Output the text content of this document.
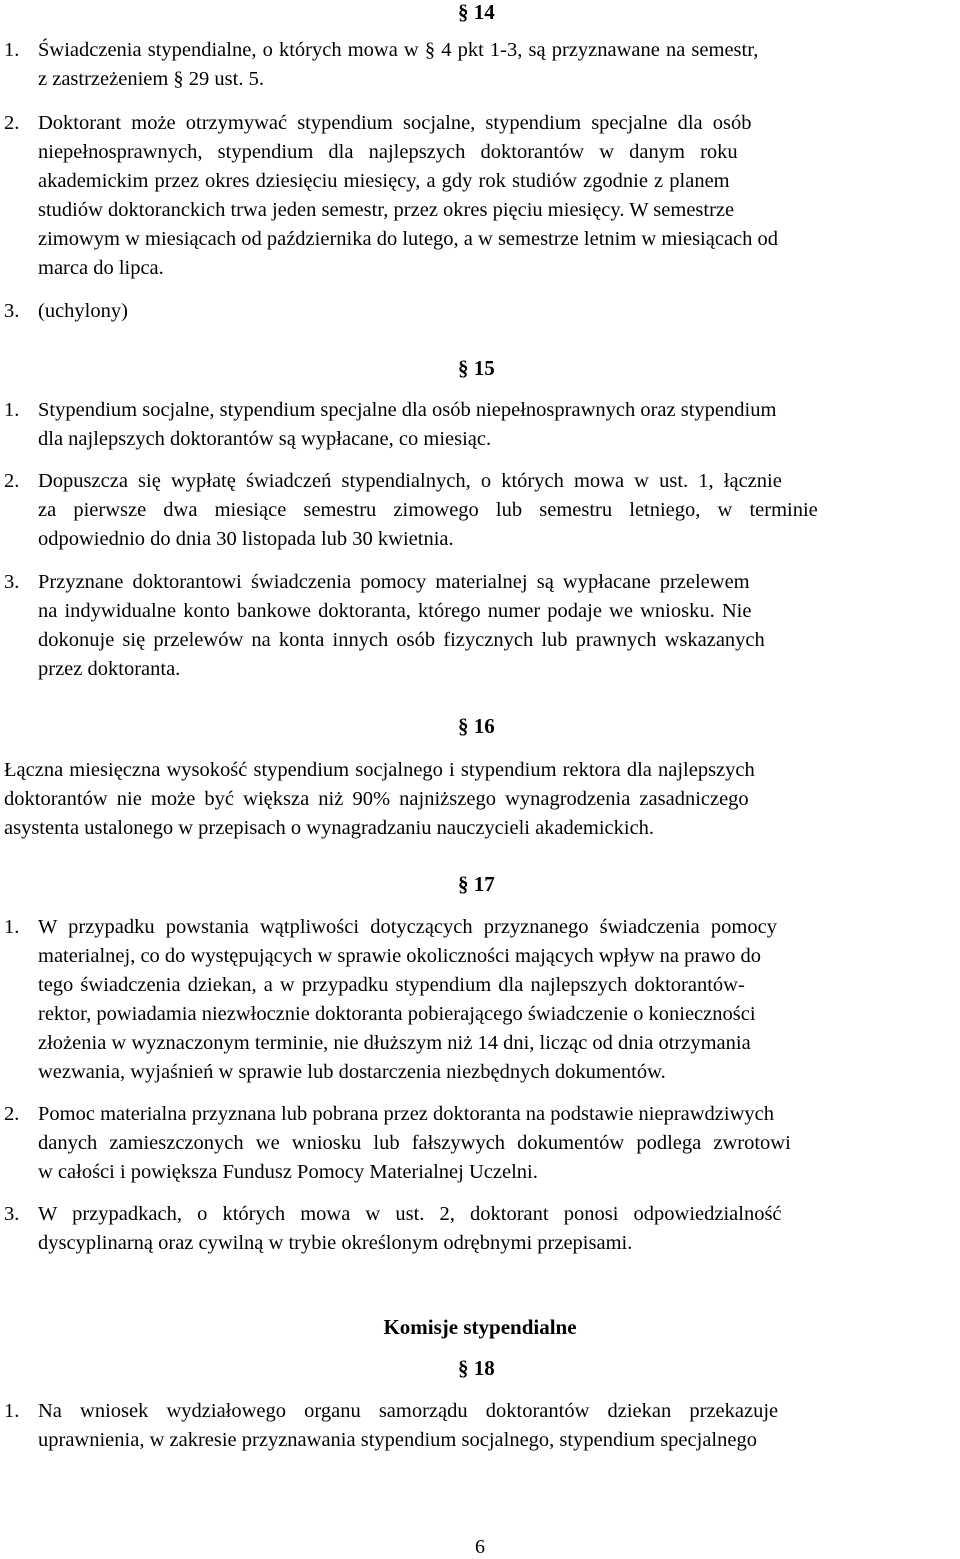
§ 14
1. Świadczenia stypendialne, o których mowa w § 4 pkt 1-3, są przyznawane na semestr,
z zastrzeżeniem § 29 ust. 5.
2. Doktorant może otrzymywać stypendium socjalne, stypendium specjalne dla osób
niepełnosprawnych, stypendium dla najlepszych doktorantów w danym roku
akademickim przez okres dziesięciu miesięcy, a gdy rok studiów zgodnie z planem
studiów doktoranckich trwa jeden semestr, przez okres pięciu miesięcy. W semestrze
zimowym w miesiącach od października do lutego, a w semestrze letnim w miesiącach od
marca do lipca.
3. (uchylony)
§ 15
1. Stypendium socjalne, stypendium specjalne dla osób niepełnosprawnych oraz stypendium
dla najlepszych doktorantów są wypłacane, co miesiąc.
2. Dopuszcza się wypłatę świadczeń stypendialnych, o których mowa w ust. 1, łącznie
za pierwsze dwa miesiące semestru zimowego lub semestru letniego, w terminie
odpowiednio do dnia 30 listopada lub 30 kwietnia.
3. Przyznane doktorantowi świadczenia pomocy materialnej są wypłacane przelewem
na indywidualne konto bankowe doktoranta, którego numer podaje we wniosku. Nie
dokonuje się przelewów na konta innych osób fizycznych lub prawnych wskazanych
przez doktoranta.
§ 16
Łączna miesięczna wysokość stypendium socjalnego i stypendium rektora dla najlepszych
doktorantów nie może być większa niż 90% najniższego wynagrodzenia zasadniczego
asystenta ustalonego w przepisach o wynagradzaniu nauczycieli akademickich.
§ 17
1. W przypadku powstania wątpliwości dotyczących przyznanego świadczenia pomocy
materialnej, co do występujących w sprawie okoliczności mających wpływ na prawo do
tego świadczenia dziekan, a w przypadku stypendium dla najlepszych doktorantów-
rektor, powiadamia niezwłocznie doktoranta pobierającego świadczenie o konieczności
złożenia w wyznaczonym terminie, nie dłuższym niż 14 dni, licząc od dnia otrzymania
wezwania, wyjaśnień w sprawie lub dostarczenia niezbędnych dokumentów.
2. Pomoc materialna przyznana lub pobrana przez doktoranta na podstawie nieprawdziwych
danych zamieszczonych we wniosku lub fałszywych dokumentów podlega zwrotowi
w całości i powiększa Fundusz Pomocy Materialnej Uczelni.
3. W przypadkach, o których mowa w ust. 2, doktorant ponosi odpowiedzialność
dyscyplinarną oraz cywilną w trybie określonym odrębnymi przepisami.
Komisje stypendialne
§ 18
1. Na wniosek wydziałowego organu samorządu doktorantów dziekan przekazuje
uprawnienia, w zakresie przyznawania stypendium socjalnego, stypendium specjalnego
6
